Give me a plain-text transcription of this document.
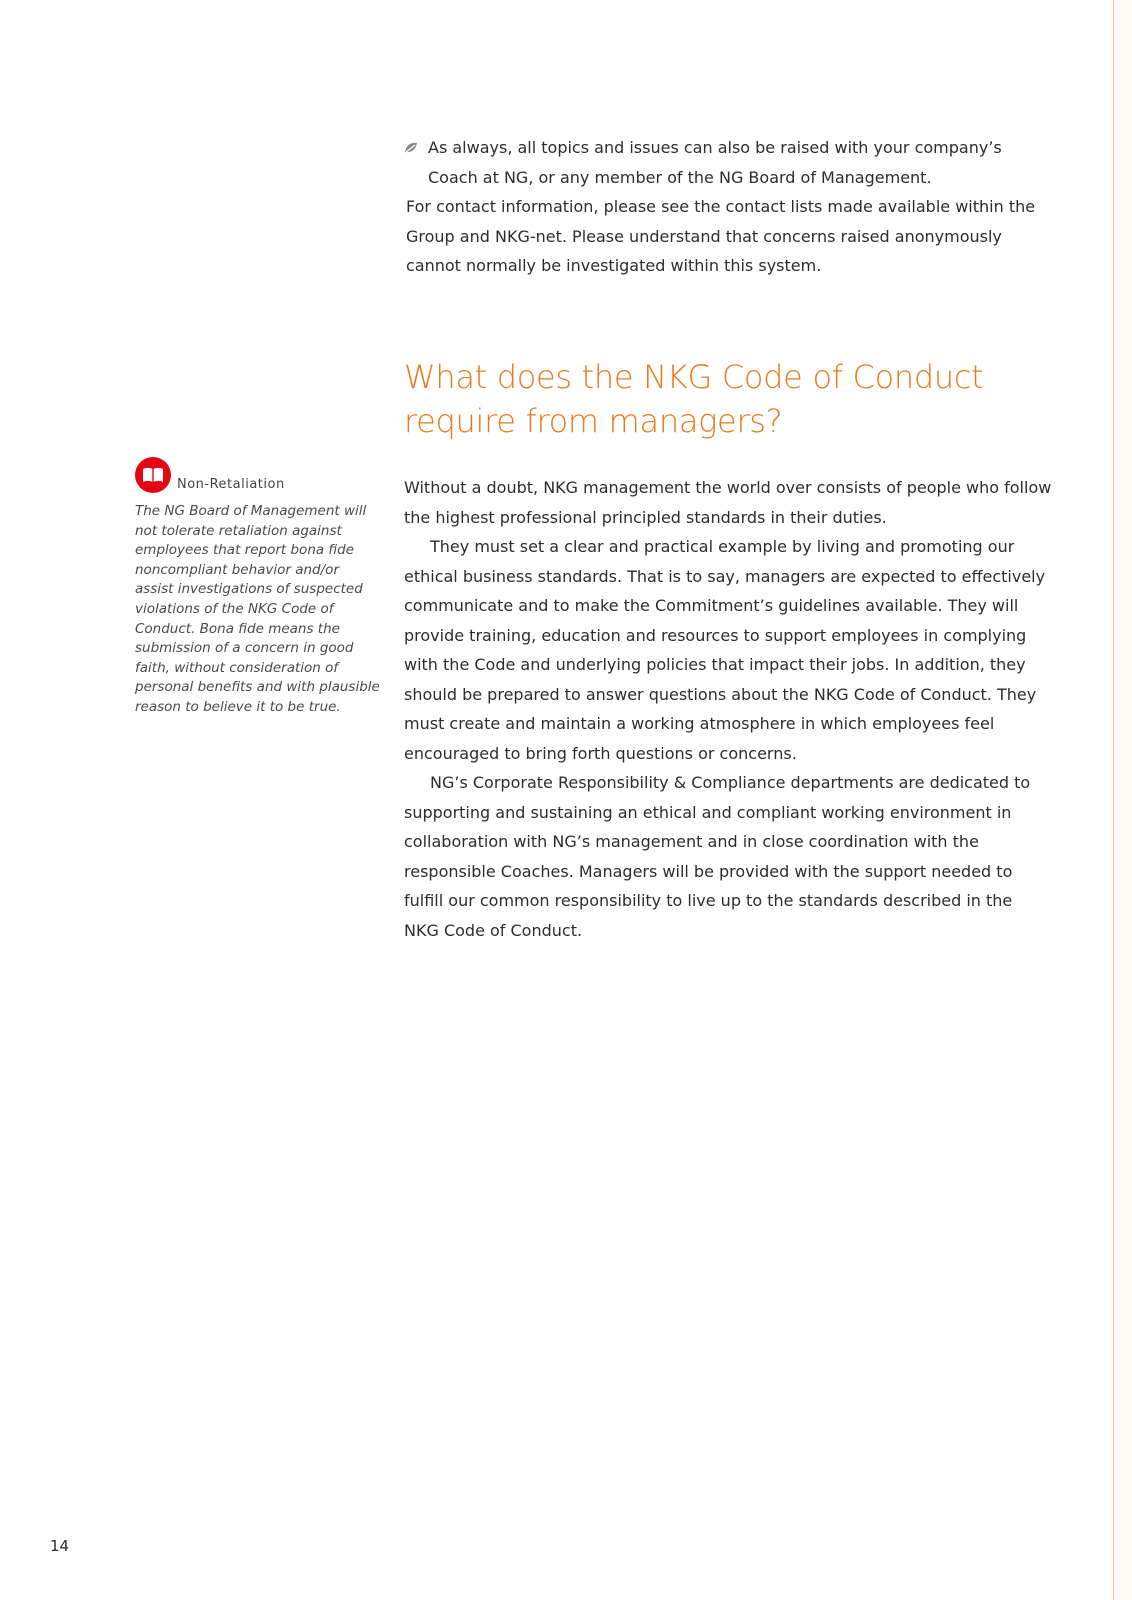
As always, all topics and issues can also be raised with your company’s Coach at NG, or any member of the NG Board of Management.

For contact information, please see the contact lists made available within the Group and NKG-net. Please understand that concerns raised anonymously cannot normally be investigated within this system.

What does the NKG Code of Conduct require from managers?

Without a doubt, NKG management the world over consists of people who follow the highest professional principled standards in their duties.

They must set a clear and practical example by living and promoting our ethical business standards. That is to say, managers are expected to effectively communicate and to make the Commitment’s guidelines available. They will provide training, education and resources to support employees in complying with the Code and underlying policies that impact their jobs. In addition, they should be prepared to answer questions about the NKG Code of Conduct. They must create and maintain a working atmosphere in which employees feel encouraged to bring forth questions or concerns.

NG’s Corporate Responsibility & Compliance departments are dedicated to supporting and sustaining an ethical and compliant working environment in collaboration with NG’s management and in close coordination with the responsible Coaches. Managers will be provided with the support needed to fulfill our common responsibility to live up to the standards described in the NKG Code of Conduct.

Non-Retaliation

The NG Board of Management will not tolerate retaliation against employees that report bona fide noncompliant behavior and/or assist investigations of suspected violations of the NKG Code of Conduct. Bona fide means the submission of a concern in good faith, without consideration of personal benefits and with plausible reason to believe it to be true.

14
